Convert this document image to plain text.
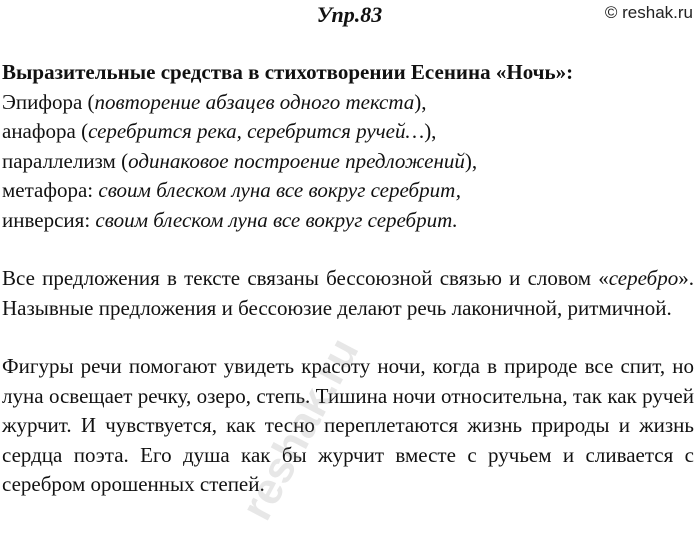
Упр.83	© reshak.ru

Выразительные средства в стихотворении Есенина «Ночь»:

Эпифора (повторение абзацев одного текста),

анафора (серебрится река, серебрится ручей…),

параллелизм (одинаковое построение предложений),

метафора: своим блеском луна все вокруг серебрит,

инверсия: своим блеском луна все вокруг серебрит.

Все предложения в тексте связаны бессоюзной связью и словом «серебро». Назывные предложения и бессоюзие делают речь лаконичной, ритмичной.

Фигуры речи помогают увидеть красоту ночи, когда в природе все спит, но луна освещает речку, озеро, степь. Тишина ночи относительна, так как ручей журчит. И чувствуется, как тесно переплетаются жизнь природы и жизнь сердца поэта. Его душа как бы журчит вместе с ручьем и сливается с серебром орошенных степей.

reshak.ru
